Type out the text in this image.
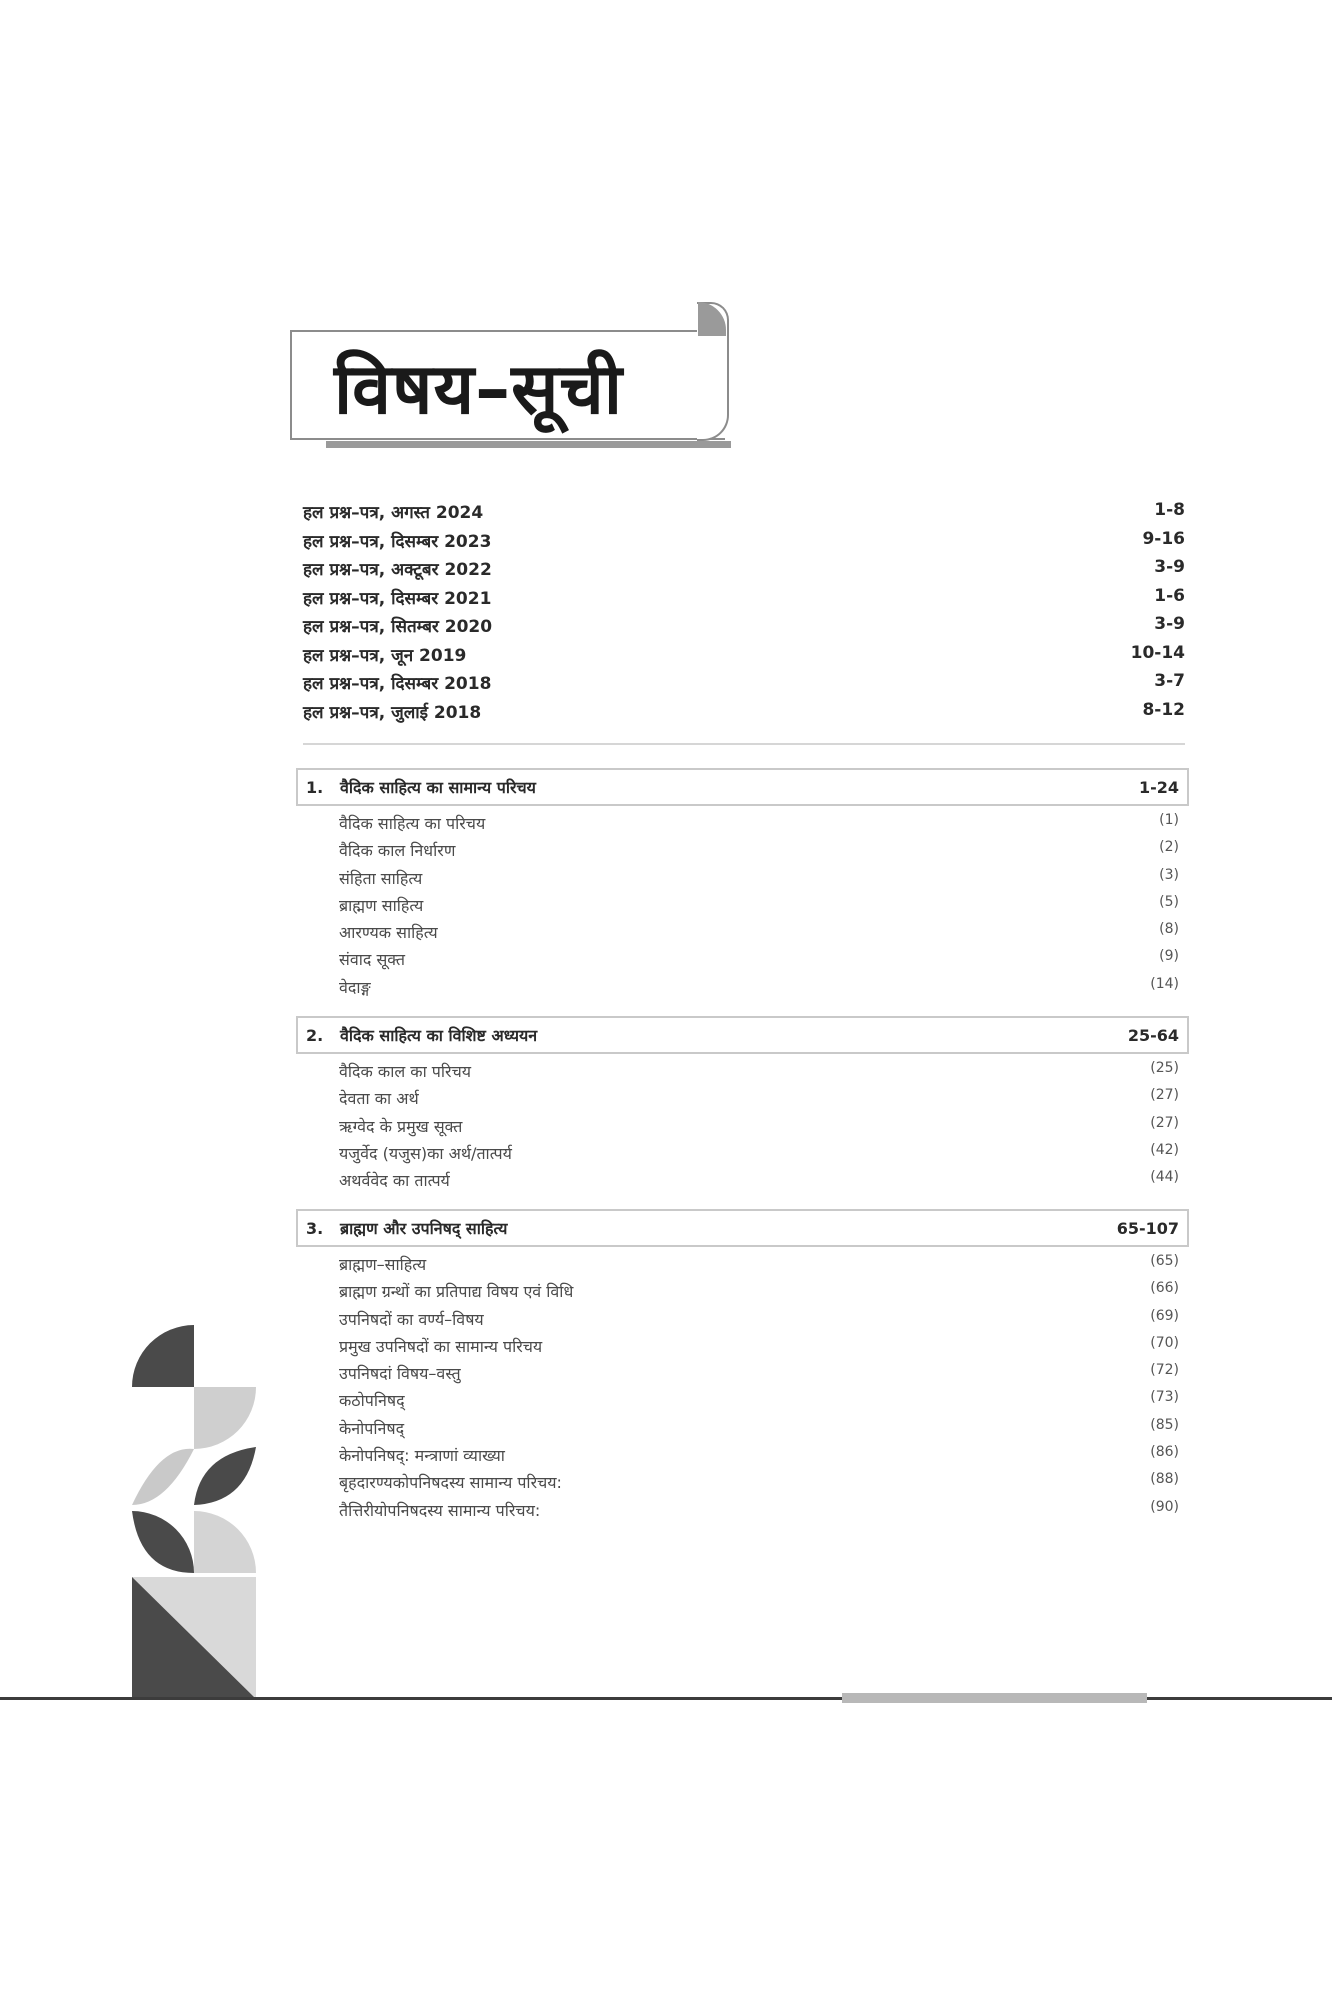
विषय–सूची
हल प्रश्न–पत्र, अगस्त 2024	1-8
हल प्रश्न–पत्र, दिसम्बर 2023	9-16
हल प्रश्न–पत्र, अक्टूबर 2022	3-9
हल प्रश्न–पत्र, दिसम्बर 2021	1-6
हल प्रश्न–पत्र, सितम्बर 2020	3-9
हल प्रश्न–पत्र, जून 2019	10-14
हल प्रश्न–पत्र, दिसम्बर 2018	3-7
हल प्रश्न–पत्र, जुलाई 2018	8-12
1.	वैदिक साहित्य का सामान्य परिचय	1-24
वैदिक साहित्य का परिचय	(1)
वैदिक काल निर्धारण	(2)
संहिता साहित्य	(3)
ब्राह्मण साहित्य	(5)
आरण्यक साहित्य	(8)
संवाद सूक्त	(9)
वेदाङ्ग	(14)
2.	वैदिक साहित्य का विशिष्ट अध्ययन	25-64
वैदिक काल का परिचय	(25)
देवता का अर्थ	(27)
ऋग्वेद के प्रमुख सूक्त	(27)
यजुर्वेद (यजुस)का अर्थ/तात्पर्य	(42)
अथर्ववेद का तात्पर्य	(44)
3.	ब्राह्मण और उपनिषद् साहित्य	65-107
ब्राह्मण–साहित्य	(65)
ब्राह्मण ग्रन्थों का प्रतिपाद्य विषय एवं विधि	(66)
उपनिषदों का वर्ण्य–विषय	(69)
प्रमुख उपनिषदों का सामान्य परिचय	(70)
उपनिषदां विषय–वस्तु	(72)
कठोपनिषद्	(73)
केनोपनिषद्	(85)
केनोपनिषद्: मन्त्राणां व्याख्या	(86)
बृहदारण्यकोपनिषदस्य सामान्य परिचय:	(88)
तैत्तिरीयोपनिषदस्य सामान्य परिचय:	(90)
